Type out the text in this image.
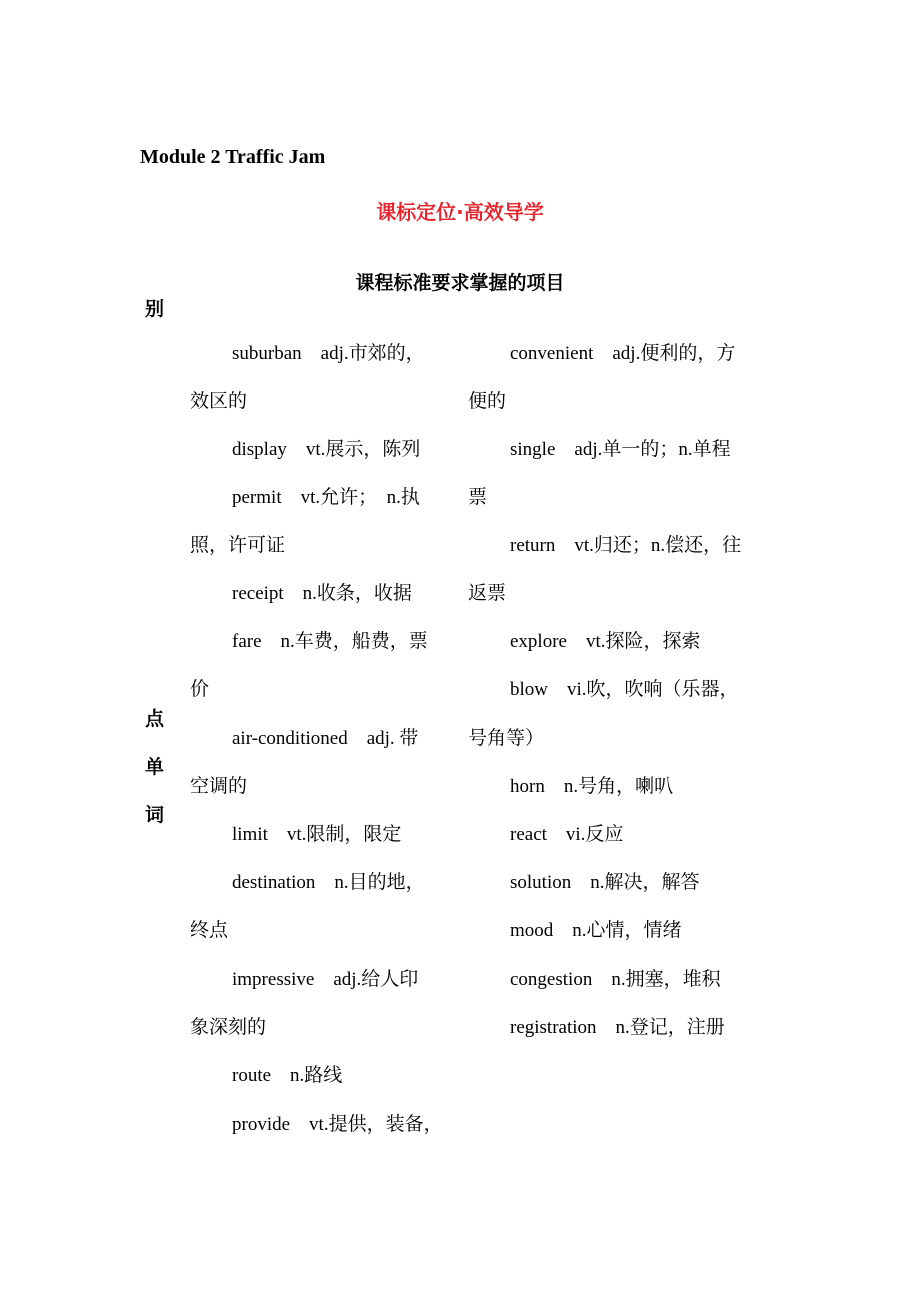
Module 2 Traffic Jam
课标定位·高效导学
课程标准要求掌握的项目
别
点
单
词
suburban　adj.市郊的，
效区的
display　vt.展示，陈列
permit　vt.允许；　n.执
照，许可证
receipt　n.收条，收据
fare　n.车费，船费，票
价
air-conditioned　adj. 带
空调的
limit　vt.限制，限定
destination　n.目的地，
终点
impressive　adj.给人印
象深刻的
route　n.路线
provide　vt.提供，装备，
convenient　adj.便利的，方
便的
single　adj.单一的；n.单程
票
return　vt.归还；n.偿还，往
返票
explore　vt.探险，探索
blow　vi.吹，吹响（乐器，
号角等）
horn　n.号角，喇叭
react　vi.反应
solution　n.解决，解答
mood　n.心情，情绪
congestion　n.拥塞，堆积
registration　n.登记，注册
